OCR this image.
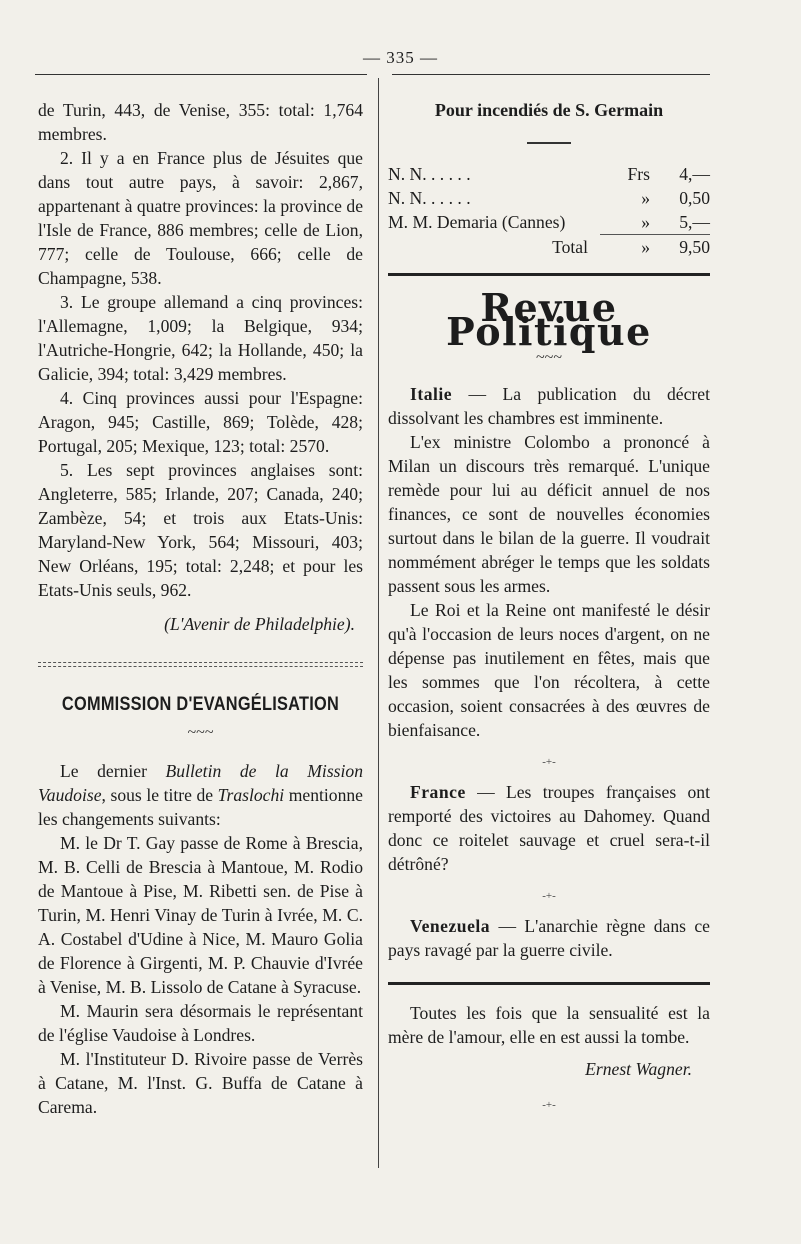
— 335 —

de Turin, 443, de Venise, 355: total: 1,764 membres.

2. Il y a en France plus de Jésuites que dans tout autre pays, à savoir: 2,867, appartenant à quatre provinces: la province de l'Isle de France, 886 membres; celle de Lion, 777; celle de Toulouse, 666; celle de Champagne, 538.

3. Le groupe allemand a cinq provinces: l'Allemagne, 1,009; la Belgique, 934; l'Autriche-Hongrie, 642; la Hollande, 450; la Galicie, 394; total: 3,429 membres.

4. Cinq provinces aussi pour l'Espagne: Aragon, 945; Castille, 869; Tolède, 428; Portugal, 205; Mexique, 123; total: 2570.

5. Les sept provinces anglaises sont: Angleterre, 585; Irlande, 207; Canada, 240; Zambèze, 54; et trois aux Etats-Unis: Maryland-New York, 564; Missouri, 403; New Orléans, 195; total: 2,248; et pour les Etats-Unis seuls, 962.

(L'Avenir de Philadelphie).

COMMISSION D'EVANGÉLISATION
~~~

Le dernier Bulletin de la Mission Vaudoise, sous le titre de Traslochi mentionne les changements suivants:

M. le Dr T. Gay passe de Rome à Brescia, M. B. Celli de Brescia à Mantoue, M. Rodio de Mantoue à Pise, M. Ribetti sen. de Pise à Turin, M. Henri Vinay de Turin à Ivrée, M. C. A. Costabel d'Udine à Nice, M. Mauro Golia de Florence à Girgenti, M. P. Chauvie d'Ivrée à Venise, M. B. Lissolo de Catane à Syracuse.

M. Maurin sera désormais le représentant de l'église Vaudoise à Londres.

M. l'Instituteur D. Rivoire passe de Verrès à Catane, M. l'Inst. G. Buffa de Catane à Carema.

Pour incendiés de S. Germain
N. N. . . . . .	Frs	4,—
N. N. . . . . .	»	0,50
M. M. Demaria (Cannes)	»	5,—
Total	»	9,50
Revue Politique
~~~

Italie — La publication du décret dissolvant les chambres est imminente.

L'ex ministre Colombo a prononcé à Milan un discours très remarqué. L'unique remède pour lui au déficit annuel de nos finances, ce sont de nouvelles économies surtout dans le bilan de la guerre. Il voudrait nommément abréger le temps que les soldats passent sous les armes.

Le Roi et la Reine ont manifesté le désir qu'à l'occasion de leurs noces d'argent, on ne dépense pas inutilement en fêtes, mais que les sommes que l'on récoltera, à cette occasion, soient consacrées à des œuvres de bienfaisance.

-+-

France — Les troupes françaises ont remporté des victoires au Dahomey. Quand donc ce roitelet sauvage et cruel sera-t-il détrôné?

-+-

Venezuela — L'anarchie règne dans ce pays ravagé par la guerre civile.

Toutes les fois que la sensualité est la mère de l'amour, elle en est aussi la tombe.

Ernest Wagner.

-+-
